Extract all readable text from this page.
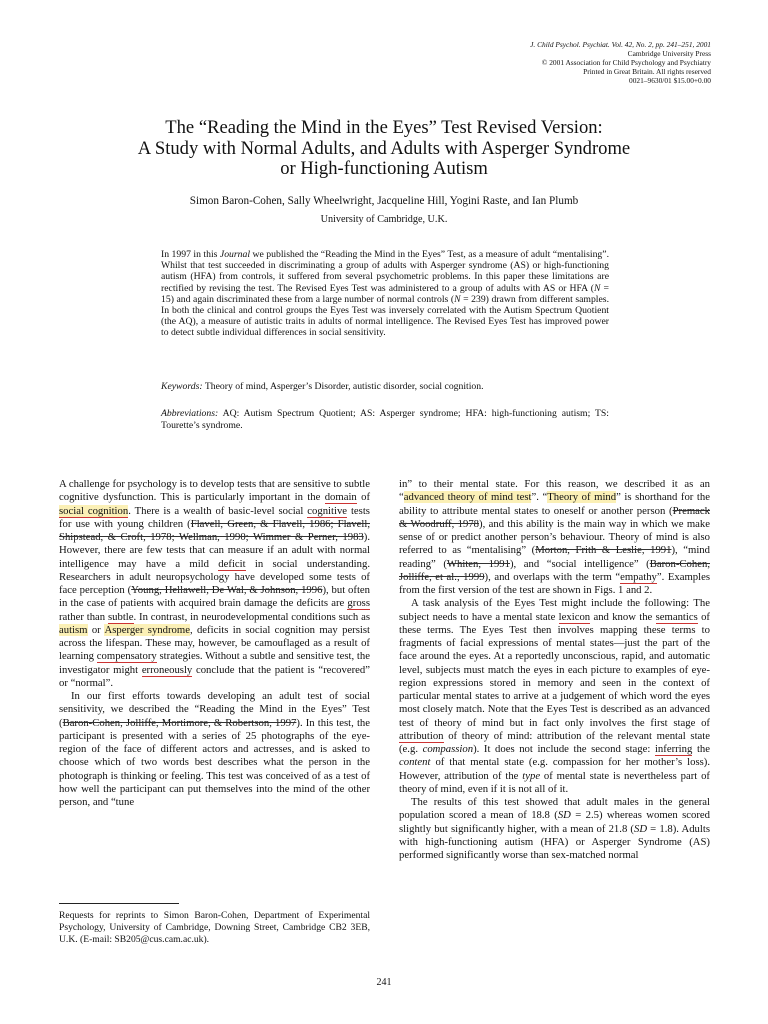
J. Child Psychol. Psychiat. Vol. 42, No. 2, pp. 241–251, 2001
Cambridge University Press
© 2001 Association for Child Psychology and Psychiatry
Printed in Great Britain. All rights reserved
0021–9630/01 $15.00+0.00
The “Reading the Mind in the Eyes” Test Revised Version:
A Study with Normal Adults, and Adults with Asperger Syndrome
or High-functioning Autism
Simon Baron-Cohen, Sally Wheelwright, Jacqueline Hill, Yogini Raste, and Ian Plumb
University of Cambridge, U.K.
In 1997 in this Journal we published the “Reading the Mind in the Eyes” Test, as a measure of adult “mentalising”. Whilst that test succeeded in discriminating a group of adults with Asperger syndrome (AS) or high-functioning autism (HFA) from controls, it suffered from several psychometric problems. In this paper these limitations are rectified by revising the test. The Revised Eyes Test was administered to a group of adults with AS or HFA (N = 15) and again discriminated these from a large number of normal controls (N = 239) drawn from different samples. In both the clinical and control groups the Eyes Test was inversely correlated with the Autism Spectrum Quotient (the AQ), a measure of autistic traits in adults of normal intelligence. The Revised Eyes Test has improved power to detect subtle individual differences in social sensitivity.
Keywords: Theory of mind, Asperger’s Disorder, autistic disorder, social cognition.
Abbreviations: AQ: Autism Spectrum Quotient; AS: Asperger syndrome; HFA: high-functioning autism; TS: Tourette’s syndrome.

A challenge for psychology is to develop tests that are sensitive to subtle cognitive dysfunction. This is particularly important in the domain of social cognition. There is a wealth of basic-level social cognitive tests for use with young children (Flavell, Green, & Flavell, 1986; Flavell, Shipstead, & Croft, 1978; Wellman, 1990; Wimmer & Perner, 1983). However, there are few tests that can measure if an adult with normal intelligence may have a mild deficit in social understanding. Researchers in adult neuropsychology have developed some tests of face perception (Young, Hellawell, De Wal, & Johnson, 1996), but often in the case of patients with acquired brain damage the deficits are gross rather than subtle. In contrast, in neurodevelopmental conditions such as autism or Asperger syndrome, deficits in social cognition may persist across the lifespan. These may, however, be camouflaged as a result of learning compensatory strategies. Without a subtle and sensitive test, the investigator might erroneously conclude that the patient is “recovered” or “normal”.

In our first efforts towards developing an adult test of social sensitivity, we described the “Reading the Mind in the Eyes” Test (Baron-Cohen, Jolliffe, Mortimore, & Robertson, 1997). In this test, the participant is presented with a series of 25 photographs of the eye-region of the face of different actors and actresses, and is asked to choose which of two words best describes what the person in the photograph is thinking or feeling. This test was conceived of as a test of how well the participant can put themselves into the mind of the other person, and “tune

in” to their mental state. For this reason, we described it as an “advanced theory of mind test”. “Theory of mind” is shorthand for the ability to attribute mental states to oneself or another person (Premack & Woodruff, 1978), and this ability is the main way in which we make sense of or predict another person’s behaviour. Theory of mind is also referred to as “mentalising” (Morton, Frith & Leslie, 1991), “mind reading” (Whiten, 1991), and “social intelligence” (Baron-Cohen, Jolliffe, et al., 1999), and overlaps with the term “empathy”. Examples from the first version of the test are shown in Figs. 1 and 2.

A task analysis of the Eyes Test might include the following: The subject needs to have a mental state lexicon and know the semantics of these terms. The Eyes Test then involves mapping these terms to fragments of facial expressions of mental states—just the part of the face around the eyes. At a reportedly unconscious, rapid, and automatic level, subjects must match the eyes in each picture to examples of eye-region expressions stored in memory and seen in the context of particular mental states to arrive at a judgement of which word the eyes most closely match. Note that the Eyes Test is described as an advanced test of theory of mind but in fact only involves the first stage of attribution of theory of mind: attribution of the relevant mental state (e.g. compassion). It does not include the second stage: inferring the content of that mental state (e.g. compassion for her mother’s loss). However, attribution of the type of mental state is nevertheless part of theory of mind, even if it is not all of it.

The results of this test showed that adult males in the general population scored a mean of 18.8 (SD = 2.5) whereas women scored slightly but significantly higher, with a mean of 21.8 (SD = 1.8). Adults with high-functioning autism (HFA) or Asperger Syndrome (AS) performed significantly worse than sex-matched normal

Requests for reprints to Simon Baron-Cohen, Department of Experimental Psychology, University of Cambridge, Downing Street, Cambridge CB2 3EB, U.K. (E-mail: SB205@cus.cam.ac.uk).
241
